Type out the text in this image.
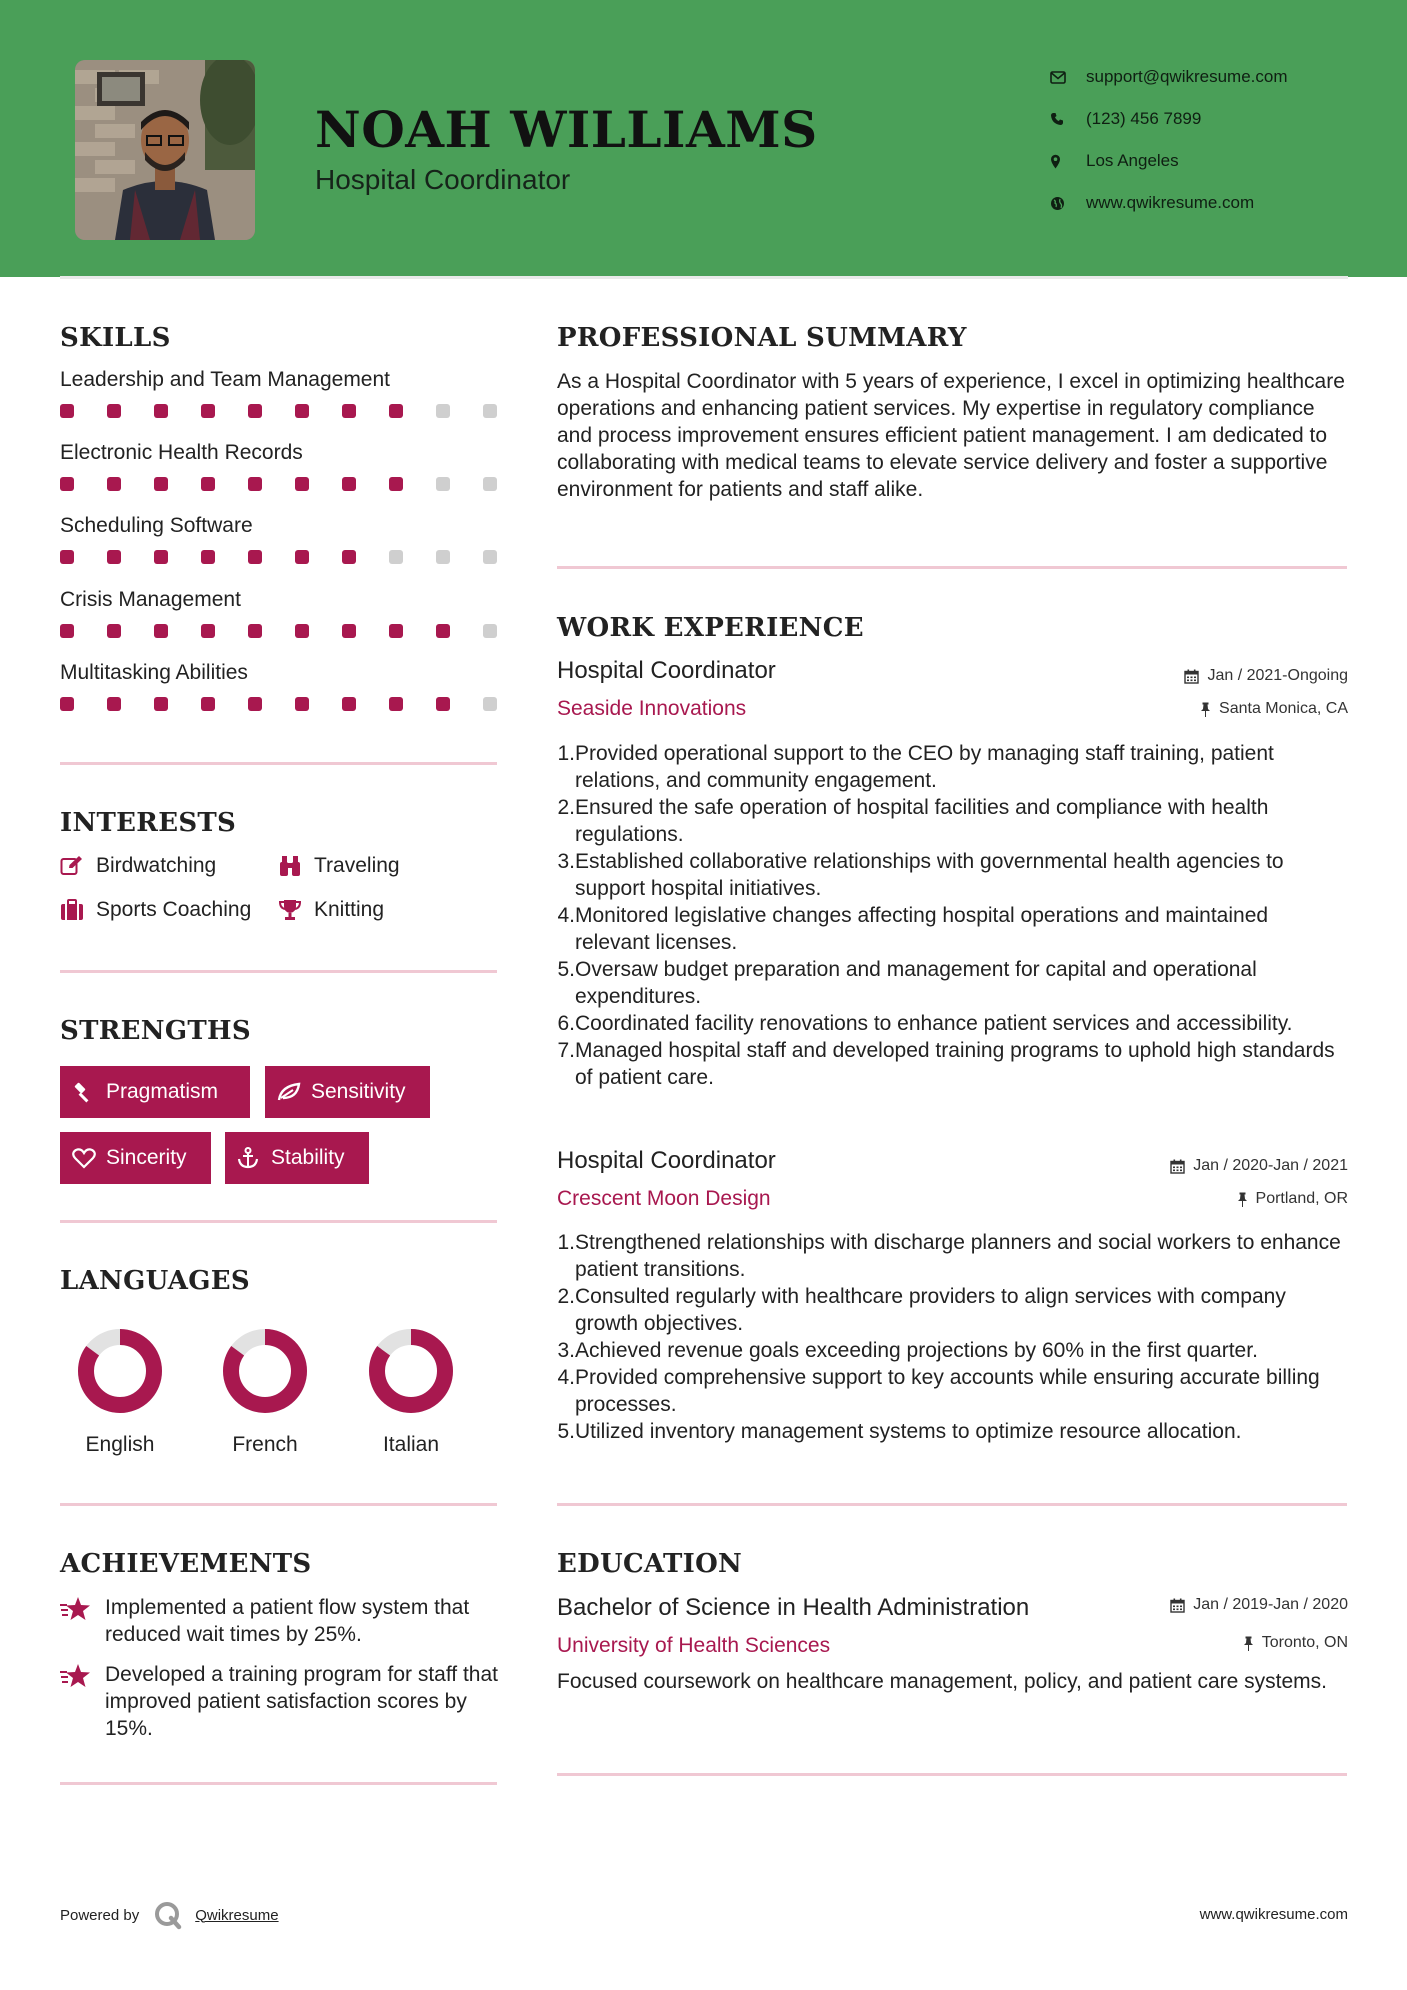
NOAH WILLIAMS
Hospital Coordinator
support@qwikresume.com
(123) 456 7899
Los Angeles
www.qwikresume.com
SKILLS
Leadership and Team Management
Electronic Health Records
Scheduling Software
Crisis Management
Multitasking Abilities
INTERESTS
Birdwatching	Traveling
Sports Coaching	Knitting
STRENGTHS
Pragmatism	Sensitivity
Sincerity	Stability
LANGUAGES
English	French	Italian
ACHIEVEMENTS
Implemented a patient flow system that reduced wait times by 25%.
Developed a training program for staff that improved patient satisfaction scores by 15%.
PROFESSIONAL SUMMARY
As a Hospital Coordinator with 5 years of experience, I excel in optimizing healthcare operations and enhancing patient services. My expertise in regulatory compliance and process improvement ensures efficient patient management. I am dedicated to collaborating with medical teams to elevate service delivery and foster a supportive environment for patients and staff alike.
WORK EXPERIENCE
Hospital Coordinator	Jan / 2021-Ongoing
Seaside Innovations	Santa Monica, CA
1. Provided operational support to the CEO by managing staff training, patient relations, and community engagement.
2. Ensured the safe operation of hospital facilities and compliance with health regulations.
3. Established collaborative relationships with governmental health agencies to support hospital initiatives.
4. Monitored legislative changes affecting hospital operations and maintained relevant licenses.
5. Oversaw budget preparation and management for capital and operational expenditures.
6. Coordinated facility renovations to enhance patient services and accessibility.
7. Managed hospital staff and developed training programs to uphold high standards of patient care.
Hospital Coordinator	Jan / 2020-Jan / 2021
Crescent Moon Design	Portland, OR
1. Strengthened relationships with discharge planners and social workers to enhance patient transitions.
2. Consulted regularly with healthcare providers to align services with company growth objectives.
3. Achieved revenue goals exceeding projections by 60% in the first quarter.
4. Provided comprehensive support to key accounts while ensuring accurate billing processes.
5. Utilized inventory management systems to optimize resource allocation.
EDUCATION
Bachelor of Science in Health Administration	Jan / 2019-Jan / 2020
University of Health Sciences	Toronto, ON
Focused coursework on healthcare management, policy, and patient care systems.
Powered by	Qwikresume	www.qwikresume.com
